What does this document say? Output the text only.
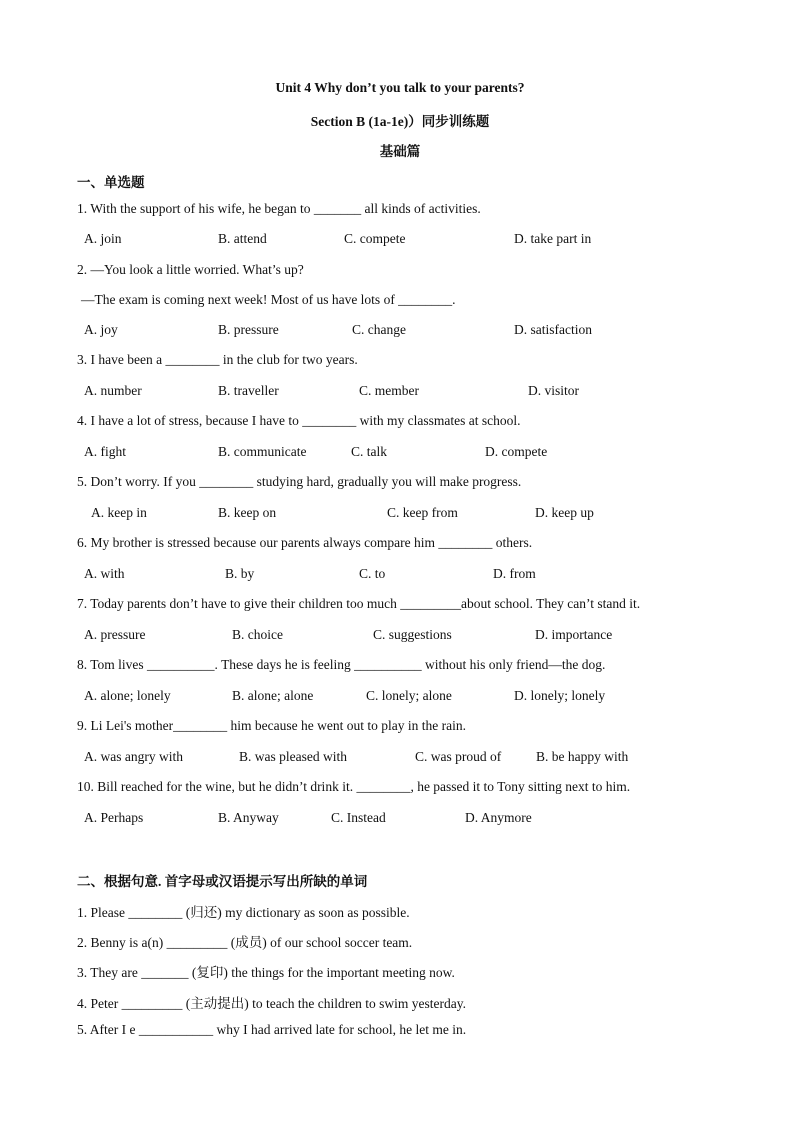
Unit 4 Why don’t you talk to your parents?
Section B (1a-1e)）同步训练题
基础篇
一、单选题
1. With the support of his wife, he began to _______ all kinds of activities.
A. join	B. attend	C. compete	D. take part in
2. —You look a little worried. What’s up?
—The exam is coming next week! Most of us have lots of ________.
A. joy	B. pressure	C. change	D. satisfaction
3. I have been a ________ in the club for two years.
A. number	B. traveller	C. member	D. visitor
4. I have a lot of stress, because I have to ________ with my classmates at school.
A. fight	B. communicate	C. talk	D. compete
5. Don’t worry. If you ________ studying hard, gradually you will make progress.
A. keep in	B. keep on	C. keep from	D. keep up
6. My brother is stressed because our parents always compare him ________ others.
A. with	B. by	C. to	D. from
7. Today parents don’t have to give their children too much _________about school. They can’t stand it.
A. pressure	B. choice	C. suggestions	D. importance
8. Tom lives __________. These days he is feeling __________ without his only friend—the dog.
A. alone; lonely	B. alone; alone	C. lonely; alone	D. lonely; lonely
9. Li Lei's mother________ him because he went out to play in the rain.
A. was angry with	B. was pleased with	C. was proud of	B. be happy with
10. Bill reached for the wine, but he didn’t drink it. ________, he passed it to Tony sitting next to him.
A. Perhaps	B. Anyway	C. Instead	D. Anymore
二、根据句意. 首字母或汉语提示写出所缺的单词
1. Please ________ (归还) my dictionary as soon as possible.
2. Benny is a(n) _________ (成员) of our school soccer team.
3. They are _______ (复印) the things for the important meeting now.
4. Peter _________ (主动提出) to teach the children to swim yesterday.
5. After I e ___________ why I had arrived late for school, he let me in.
